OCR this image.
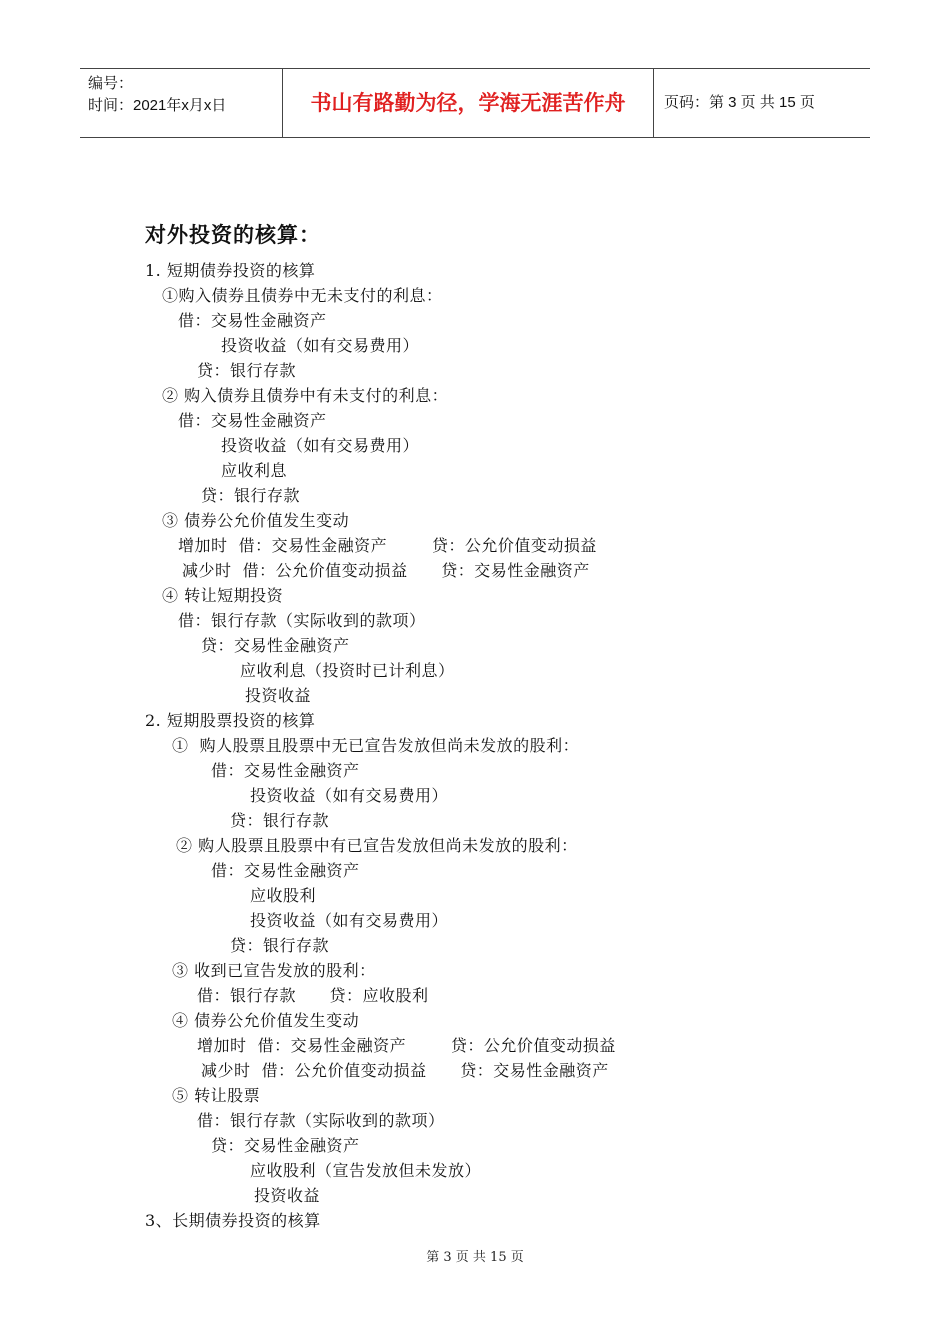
编号：
时间：2021年x月x日	书山有路勤为径，学海无涯苦作舟	页码：第 3 页 共 15 页
对外投资的核算：
1. 短期债券投资的核算
①购入债券且债券中无未支付的利息：
借：交易性金融资产
投资收益（如有交易费用）
贷：银行存款
② 购入债券且债券中有未支付的利息：
借：交易性金融资产
投资收益（如有交易费用）
应收利息
贷：银行存款
③ 债券公允价值发生变动
增加时  借：交易性金融资产        贷：公允价值变动损益
减少时  借：公允价值变动损益      贷：交易性金融资产
④ 转让短期投资
借：银行存款（实际收到的款项）
贷：交易性金融资产
应收利息（投资时已计利息）
投资收益
2. 短期股票投资的核算
①  购人股票且股票中无已宣告发放但尚未发放的股利：
借：交易性金融资产
投资收益（如有交易费用）
贷：银行存款
② 购人股票且股票中有已宣告发放但尚未发放的股利：
借：交易性金融资产
应收股利
投资收益（如有交易费用）
贷：银行存款
③ 收到已宣告发放的股利：
借：银行存款      贷：应收股利
④ 债券公允价值发生变动
增加时  借：交易性金融资产        贷：公允价值变动损益
减少时  借：公允价值变动损益      贷：交易性金融资产
⑤ 转让股票
借：银行存款（实际收到的款项）
贷：交易性金融资产
应收股利（宣告发放但未发放）
投资收益
3、长期债券投资的核算
第 3 页 共 15 页
